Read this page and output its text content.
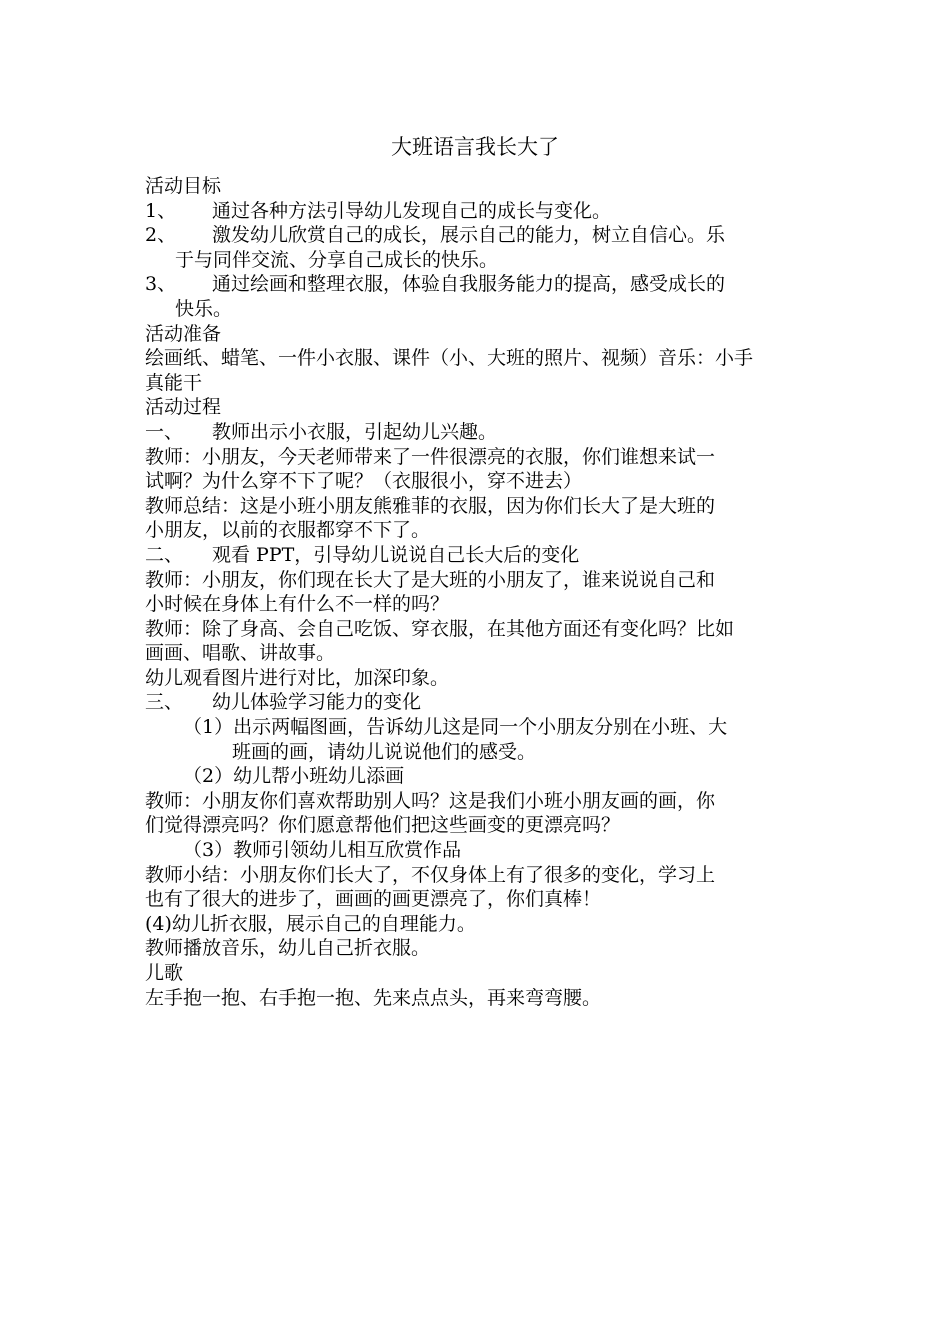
大班语言我长大了
活动目标
1、	通过各种方法引导幼儿发现自己的成长与变化。
2、	激发幼儿欣赏自己的成长，展示自己的能力，树立自信心。乐
于与同伴交流、分享自己成长的快乐。
3、	通过绘画和整理衣服，体验自我服务能力的提高，感受成长的
快乐。
活动准备
绘画纸、蜡笔、一件小衣服、课件（小、大班的照片、视频）音乐：小手
真能干
活动过程
一、	教师出示小衣服，引起幼儿兴趣。
教师：小朋友，今天老师带来了一件很漂亮的衣服，你们谁想来试一
试啊？为什么穿不下了呢？（衣服很小，穿不进去）
教师总结：这是小班小朋友熊雅菲的衣服，因为你们长大了是大班的
小朋友，以前的衣服都穿不下了。
二、	观看 PPT，引导幼儿说说自己长大后的变化
教师：小朋友，你们现在长大了是大班的小朋友了，谁来说说自己和
小时候在身体上有什么不一样的吗？
教师：除了身高、会自己吃饭、穿衣服，在其他方面还有变化吗？比如
画画、唱歌、讲故事。
幼儿观看图片进行对比，加深印象。
三、	幼儿体验学习能力的变化
（1）出示两幅图画，告诉幼儿这是同一个小朋友分别在小班、大
班画的画，请幼儿说说他们的感受。
（2）幼儿帮小班幼儿添画
教师：小朋友你们喜欢帮助别人吗？这是我们小班小朋友画的画，你
们觉得漂亮吗？你们愿意帮他们把这些画变的更漂亮吗？
（3）教师引领幼儿相互欣赏作品
教师小结：小朋友你们长大了，不仅身体上有了很多的变化，学习上
也有了很大的进步了，画画的画更漂亮了，你们真棒！
(4)幼儿折衣服，展示自己的自理能力。
教师播放音乐，幼儿自己折衣服。
儿歌
左手抱一抱、右手抱一抱、先来点点头，再来弯弯腰。
